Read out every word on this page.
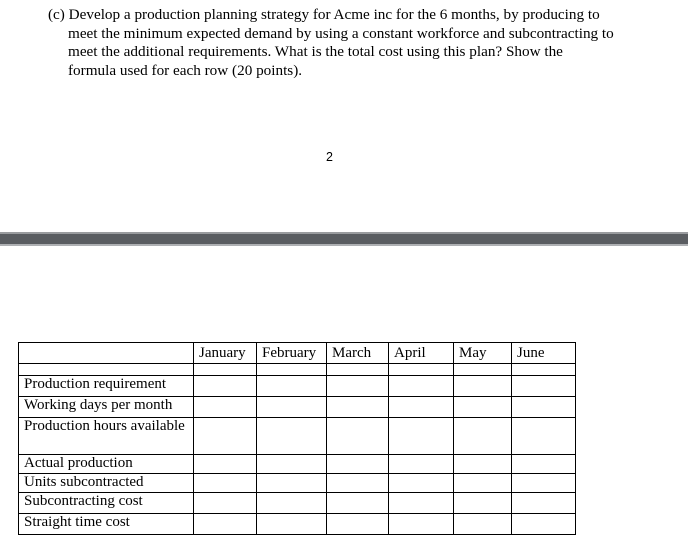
(c) Develop a production planning strategy for Acme inc for the 6 months, by producing to
meet the minimum expected demand by using a constant workforce and subcontracting to
meet the additional requirements. What is the total cost using this plan? Show the
formula used for each row (20 points).
2
	January	February	March	April	May	June

Production requirement						
Working days per month						
Production hours available						
Actual production						
Units subcontracted						
Subcontracting cost						
Straight time cost						
